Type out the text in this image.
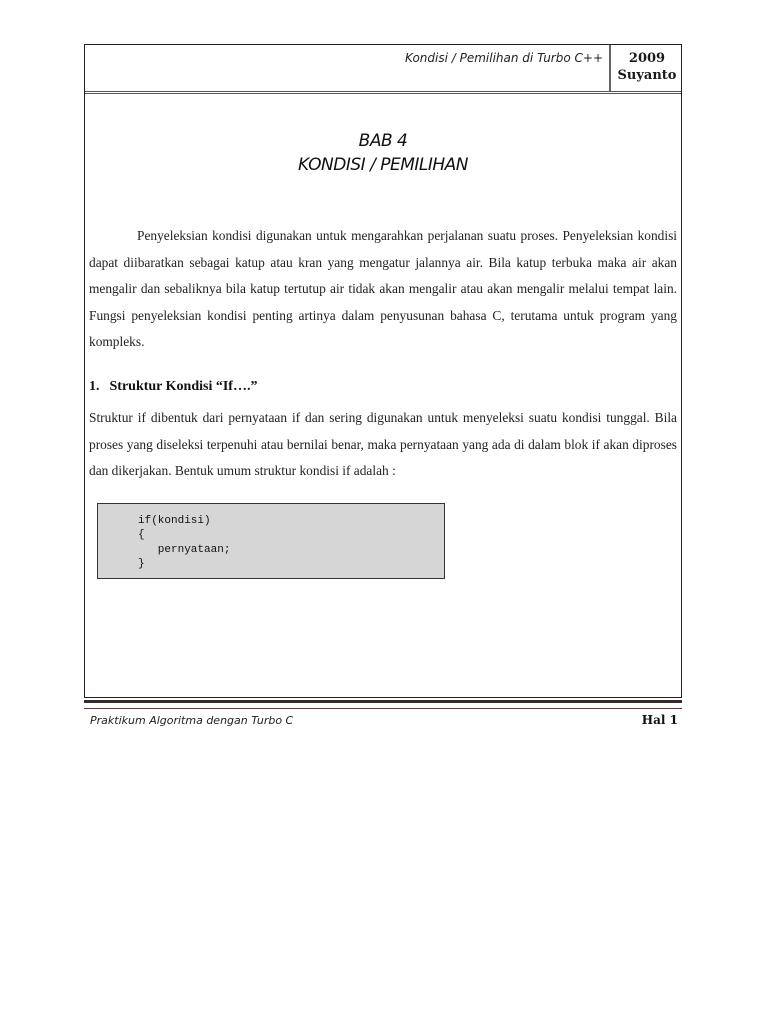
Kondisi / Pemilihan di Turbo C++	2009
Suyanto
BAB 4
KONDISI / PEMILIHAN

Penyeleksian kondisi digunakan untuk mengarahkan perjalanan suatu proses. Penyeleksian kondisi dapat diibaratkan sebagai katup atau kran yang mengatur jalannya air. Bila katup terbuka maka air akan mengalir dan sebaliknya bila katup tertutup air tidak akan mengalir atau akan mengalir melalui tempat lain. Fungsi penyeleksian kondisi penting artinya dalam penyusunan bahasa C, terutama untuk program yang kompleks.

1. Struktur Kondisi “If….”

Struktur if dibentuk dari pernyataan if dan sering digunakan untuk menyeleksi suatu kondisi tunggal. Bila proses yang diseleksi terpenuhi atau bernilai benar, maka pernyataan yang ada di dalam blok if akan diproses dan dikerjakan. Bentuk umum struktur kondisi if adalah :

if(kondisi)
{
pernyataan;
}
Praktikum Algoritma dengan Turbo C	Hal 1
